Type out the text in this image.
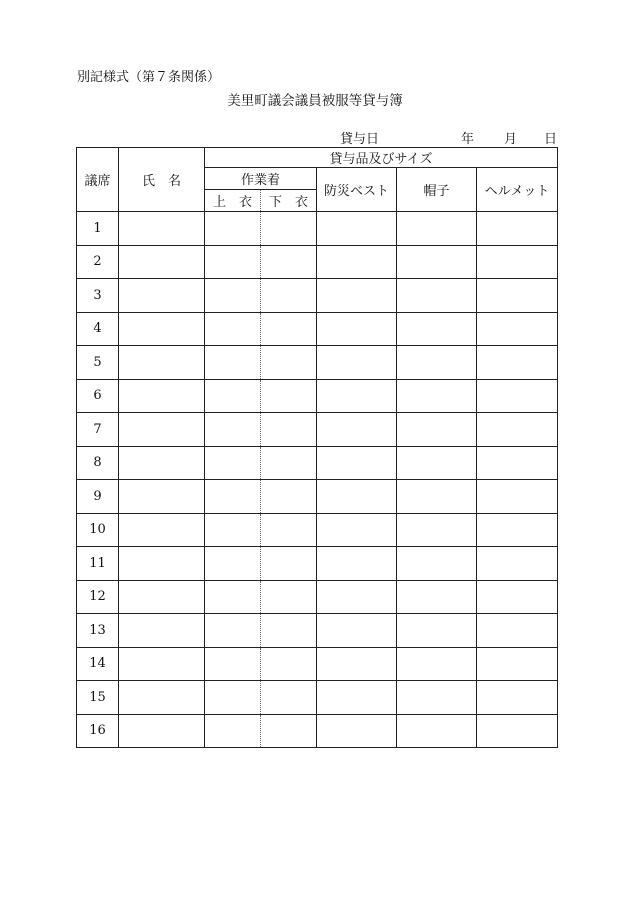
別記様式（第７条関係）
美里町議会議員被服等貸与簿
貸与日	年 月 日
議席	氏　名	貸与品及びサイズ				
		作業着		防災ベスト	帽子	ヘルメット
		上　衣	下　衣			
1						
2						
3						
4						
5						
6						
7						
8						
9						
10						
11						
12						
13						
14						
15						
16						
